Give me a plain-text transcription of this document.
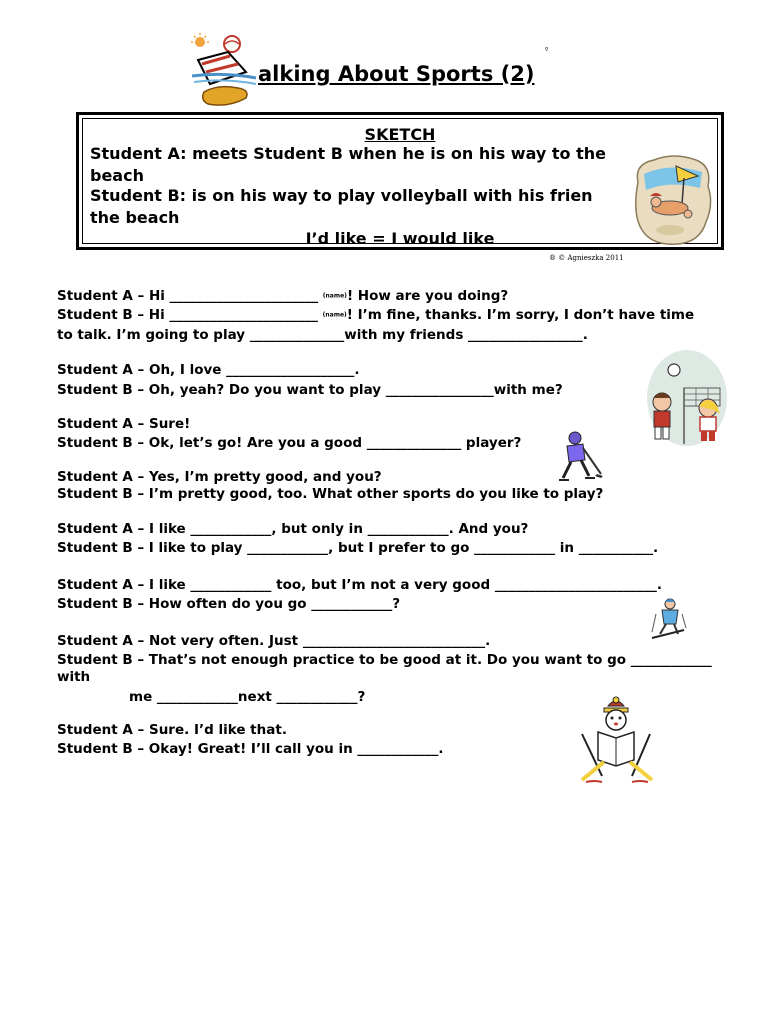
alking About Sports (2)
º
SKETCH
Student A: meets Student B when he is on his way to the
beach
Student B: is on his way to play volleyball with his frien
the beach
I’d like = I would like
® © Agnieszka 2011
Student A – Hi ______________________ (name)! How are you doing?
Student B – Hi ______________________ (name)! I’m fine, thanks. I’m sorry, I don’t have time
to talk. I’m going to play ______________with my friends _________________.
Student A – Oh, I love ___________________.
Student B – Oh, yeah? Do you want to play ________________with me?
Student A – Sure!
Student B – Ok, let’s go! Are you a good ______________ player?
Student A – Yes, I’m pretty good, and you?
Student B – I’m pretty good, too. What other sports do you like to play?
Student A – I like ____________, but only in ____________. And you?
Student B – I like to play ____________, but I prefer to go ____________ in ___________.
Student A – I like ____________ too, but I’m not a very good ________________________.
Student B – How often do you go ____________?
Student A – Not very often. Just ___________________________.
Student B – That’s not enough practice to be good at it. Do you want to go ____________
with
me ____________next ____________?
Student A – Sure. I’d like that.
Student B – Okay! Great! I’ll call you in ____________.
